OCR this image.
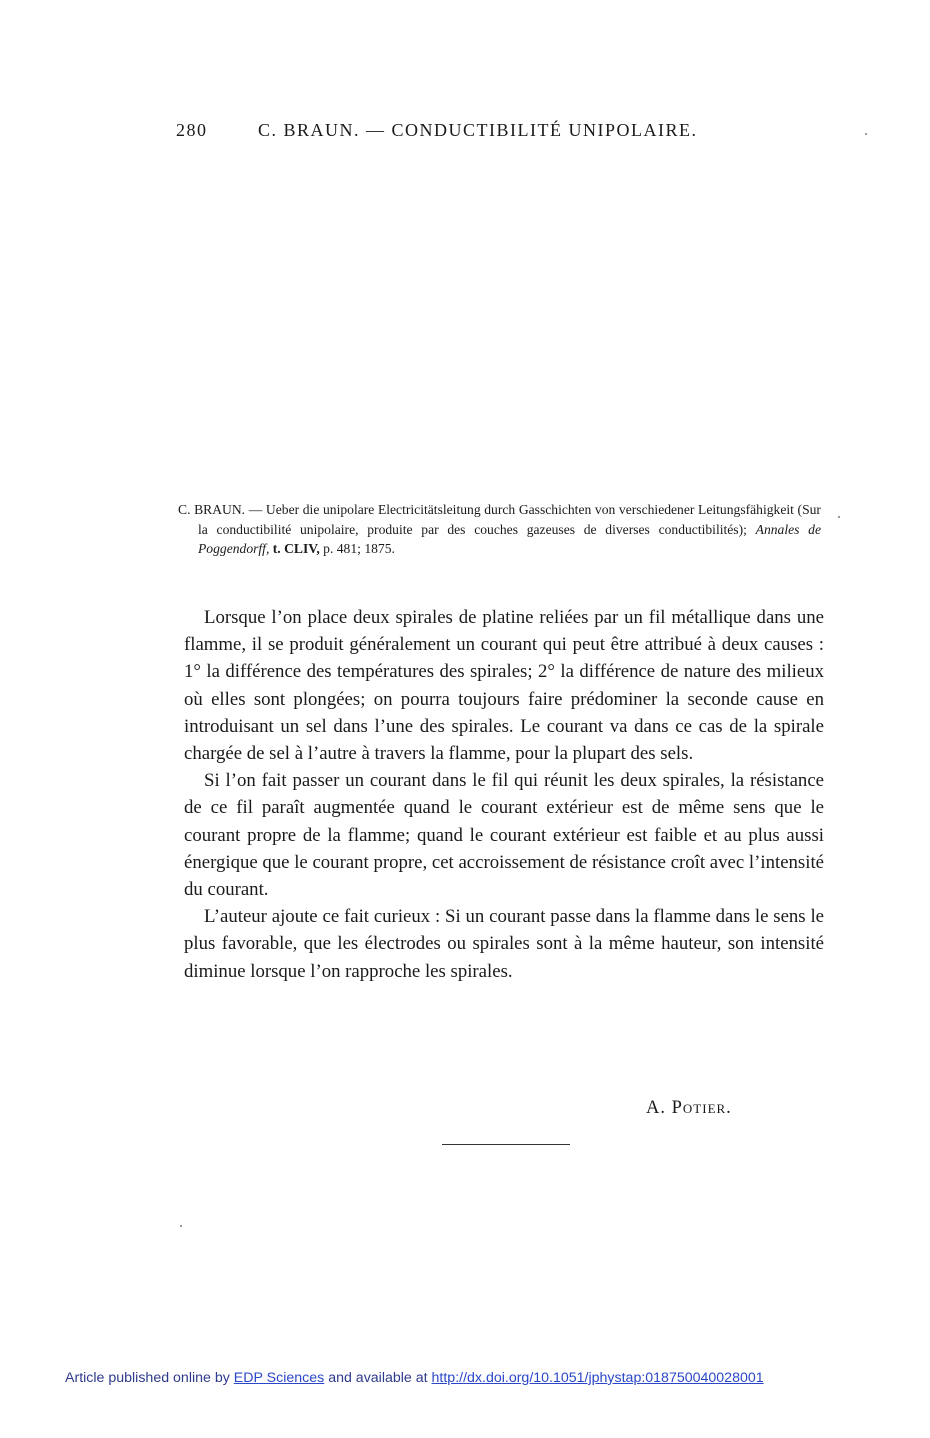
280	C. BRAUN. — CONDUCTIBILITÉ UNIPOLAIRE.
C. BRAUN. — Ueber die unipolare Electricitätsleitung durch Gasschichten von verschiedener Leitungsfähigkeit (Sur la conductibilité unipolaire, produite par des couches gazeuses de diverses conductibilités); Annales de Poggendorff, t. CLIV, p. 481; 1875.

Lorsque l’on place deux spirales de platine reliées par un fil métallique dans une flamme, il se produit généralement un courant qui peut être attribué à deux causes : 1° la différence des températures des spirales; 2° la différence de nature des milieux où elles sont plongées; on pourra toujours faire prédominer la seconde cause en introduisant un sel dans l’une des spirales. Le courant va dans ce cas de la spirale chargée de sel à l’autre à travers la flamme, pour la plupart des sels.

Si l’on fait passer un courant dans le fil qui réunit les deux spirales, la résistance de ce fil paraît augmentée quand le courant extérieur est de même sens que le courant propre de la flamme; quand le courant extérieur est faible et au plus aussi énergique que le courant propre, cet accroissement de résistance croît avec l’intensité du courant.

L’auteur ajoute ce fait curieux : Si un courant passe dans la flamme dans le sens le plus favorable, que les électrodes ou spirales sont à la même hauteur, son intensité diminue lorsque l’on rapproche les spirales.

A. Potier.
Article published online by EDP Sciences and available at http://dx.doi.org/10.1051/jphystap:018750040028001
